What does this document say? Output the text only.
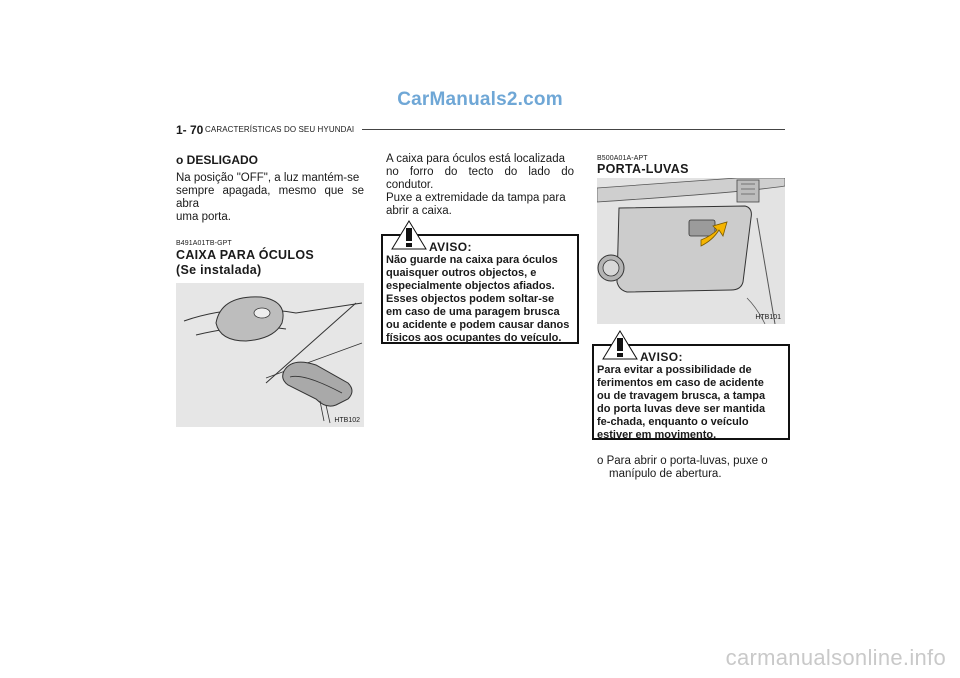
CarManuals2.com
1- 70 CARACTERÍSTICAS DO SEU HYUNDAI
o DESLIGADO
Na posição "OFF", a luz mantém-se
sempre apagada, mesmo que se abra
uma porta.
B491A01TB-GPT
CAIXA PARA ÓCULOS
(Se instalada)
HTB102
A caixa para óculos está localizada
no forro do tecto do lado do condutor.
Puxe a extremidade da tampa para
abrir a caixa.
AVISO:
Não guarde na caixa para óculos
quaisquer outros objectos, e
especialmente objectos afiados.
Esses objectos podem soltar-se
em caso de uma paragem brusca
ou acidente e podem causar danos
físicos aos ocupantes do veículo.
B500A01A-APT
PORTA-LUVAS
HTB101
AVISO:
Para evitar a possibilidade de
ferimentos em caso de acidente
ou de travagem brusca, a tampa
do porta luvas deve ser mantida
fe-chada, enquanto o veículo
estiver em movimento.
o Para abrir o porta-luvas, puxe o
manípulo de abertura.
carmanualsonline.info
